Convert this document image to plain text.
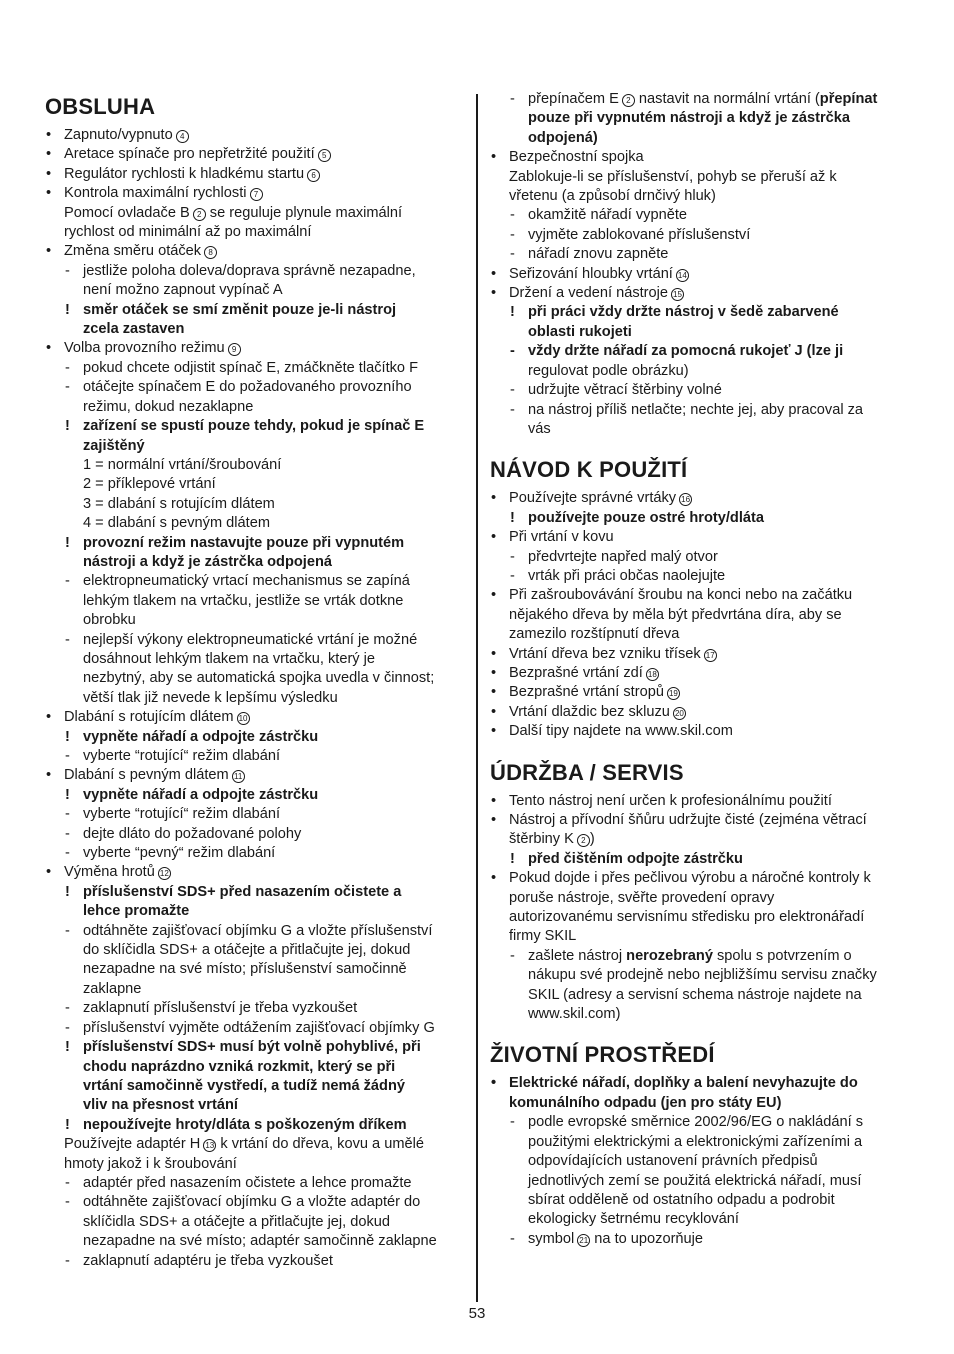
OBSLUHA
• Zapnuto/vypnuto 4
• Aretace spínače pro nepřetržité použití 5
• Regulátor rychlosti k hladkému startu 6
• Kontrola maximální rychlosti 7
Pomocí ovladače B 2 se reguluje plynule maximální
rychlost od minimální až po maximální
• Změna směru otáček 8
- jestliže poloha doleva/doprava správně nezapadne,
není možno zapnout vypínač A
! směr otáček se smí změnit pouze je-li nástroj
zcela zastaven
• Volba provozního režimu 9
- pokud chcete odjistit spínač E, zmáčkněte tlačítko F
- otáčejte spínačem E do požadovaného provozního
režimu, dokud nezaklapne
! zařízení se spustí pouze tehdy, pokud je spínač E
zajištěný
1 = normální vrtání/šroubování
2 = příklepové vrtání
3 = dlabání s rotujícím dlátem
4 = dlabání s pevným dlátem
! provozní režim nastavujte pouze při vypnutém
nástroji a když je zástrčka odpojená
- elektropneumatický vrtací mechanismus se zapíná
lehkým tlakem na vrtačku, jestliže se vrták dotkne
obrobku
- nejlepší výkony elektropneumatické vrtání je možné
dosáhnout lehkým tlakem na vrtačku, který je
nezbytný, aby se automatická spojka uvedla v činnost;
větší tlak již nevede k lepšímu výsledku
• Dlabání s rotujícím dlátem 10
! vypněte nářadí a odpojte zástrčku
- vyberte “rotující“ režim dlabání
• Dlabání s pevným dlátem 11
! vypněte nářadí a odpojte zástrčku
- vyberte “rotující“ režim dlabání
- dejte dláto do požadované polohy
- vyberte “pevný“ režim dlabání
• Výměna hrotů 12
! příslušenství SDS+ před nasazením očistete a
lehce promažte
- odtáhněte zajišťovací objímku G a vložte příslušenství
do sklíčidla SDS+ a otáčejte a přitlačujte jej, dokud
nezapadne na své místo; příslušenství samočinně
zaklapne
- zaklapnutí příslušenství je třeba vyzkoušet
- příslušenství vyjměte odtážením zajišťovací objímky G
! příslušenství SDS+ musí být volně pohyblivé, při
chodu naprázdno vzniká rozkmit, který se při
vrtání samočinně vystředí, a tudíž nemá žádný
vliv na přesnost vrtání
! nepoužívejte hroty/dláta s poškozeným dříkem
Používejte adaptér H 13 k vrtání do dřeva, kovu a umělé
hmoty jakož i k šroubování
- adaptér před nasazením očistete a lehce promažte
- odtáhněte zajišťovací objímku G a vložte adaptér do
sklíčidla SDS+ a otáčejte a přitlačujte jej, dokud
nezapadne na své místo; adaptér samočinně zaklapne
- zaklapnutí adaptéru je třeba vyzkoušet
- přepínačem E 2 nastavit na normální vrtání (přepínat
pouze při vypnutém nástroji a když je zástrčka
odpojená)
• Bezpečnostní spojka
Zablokuje-li se příslušenství, pohyb se přeruší až k
vřetenu (a způsobí drnčivý hluk)
- okamžitě nářadí vypněte
- vyjměte zablokované příslušenství
- nářadí znovu zapněte
• Seřizování hloubky vrtání 14
• Držení a vedení nástroje 15
! při práci vždy držte nástroj v šedě zabarvené
oblasti rukojeti
- vždy držte nářadí za pomocná rukojeť J (lze ji
regulovat podle obrázku)
- udržujte větrací štěrbiny volné
- na nástroj příliš netlačte; nechte jej, aby pracoval za
vás
NÁVOD K POUŽITÍ
• Používejte správné vrtáky 16
! používejte pouze ostré hroty/dláta
• Při vrtání v kovu
- předvrtejte napřed malý otvor
- vrták při práci občas naolejujte
• Při zašroubovávání šroubu na konci nebo na začátku
nějakého dřeva by měla být předvrtána díra, aby se
zamezilo rozštípnutí dřeva
• Vrtání dřeva bez vzniku třísek 17
• Bezprašné vrtání zdí 18
• Bezprašné vrtání stropů 19
• Vrtání dlaždic bez skluzu 20
• Další tipy najdete na www.skil.com
ÚDRŽBA / SERVIS
• Tento nástroj není určen k profesionálnímu použití
• Nástroj a přívodní šňůru udržujte čisté (zejména větrací
štěrbiny K 2 )
! před čištěním odpojte zástrčku
• Pokud dojde i přes pečlivou výrobu a náročné kontroly k
poruše nástroje, svěřte provedení opravy
autorizovanému servisnímu středisku pro elektronářadí
firmy SKIL
- zašlete nástroj nerozebraný spolu s potvrzením o
nákupu své prodejně nebo nejbližšímu servisu značky
SKIL (adresy a servisní schema nástroje najdete na
www.skil.com)
ŽIVOTNÍ PROSTŘEDÍ
• Elektrické nářadí, doplňky a balení nevyhazujte do
komunálního odpadu (jen pro státy EU)
- podle evropské směrnice 2002/96/EG o nakládání s
použitými elektrickými a elektronickými zařízeními a
odpovídajících ustanovení právních předpisů
jednotlivých zemí se použitá elektrická nářadí, musí
sbírat odděleně od ostatního odpadu a podrobit
ekologicky šetrnému recyklování
- symbol 21 na to upozorňuje
53
